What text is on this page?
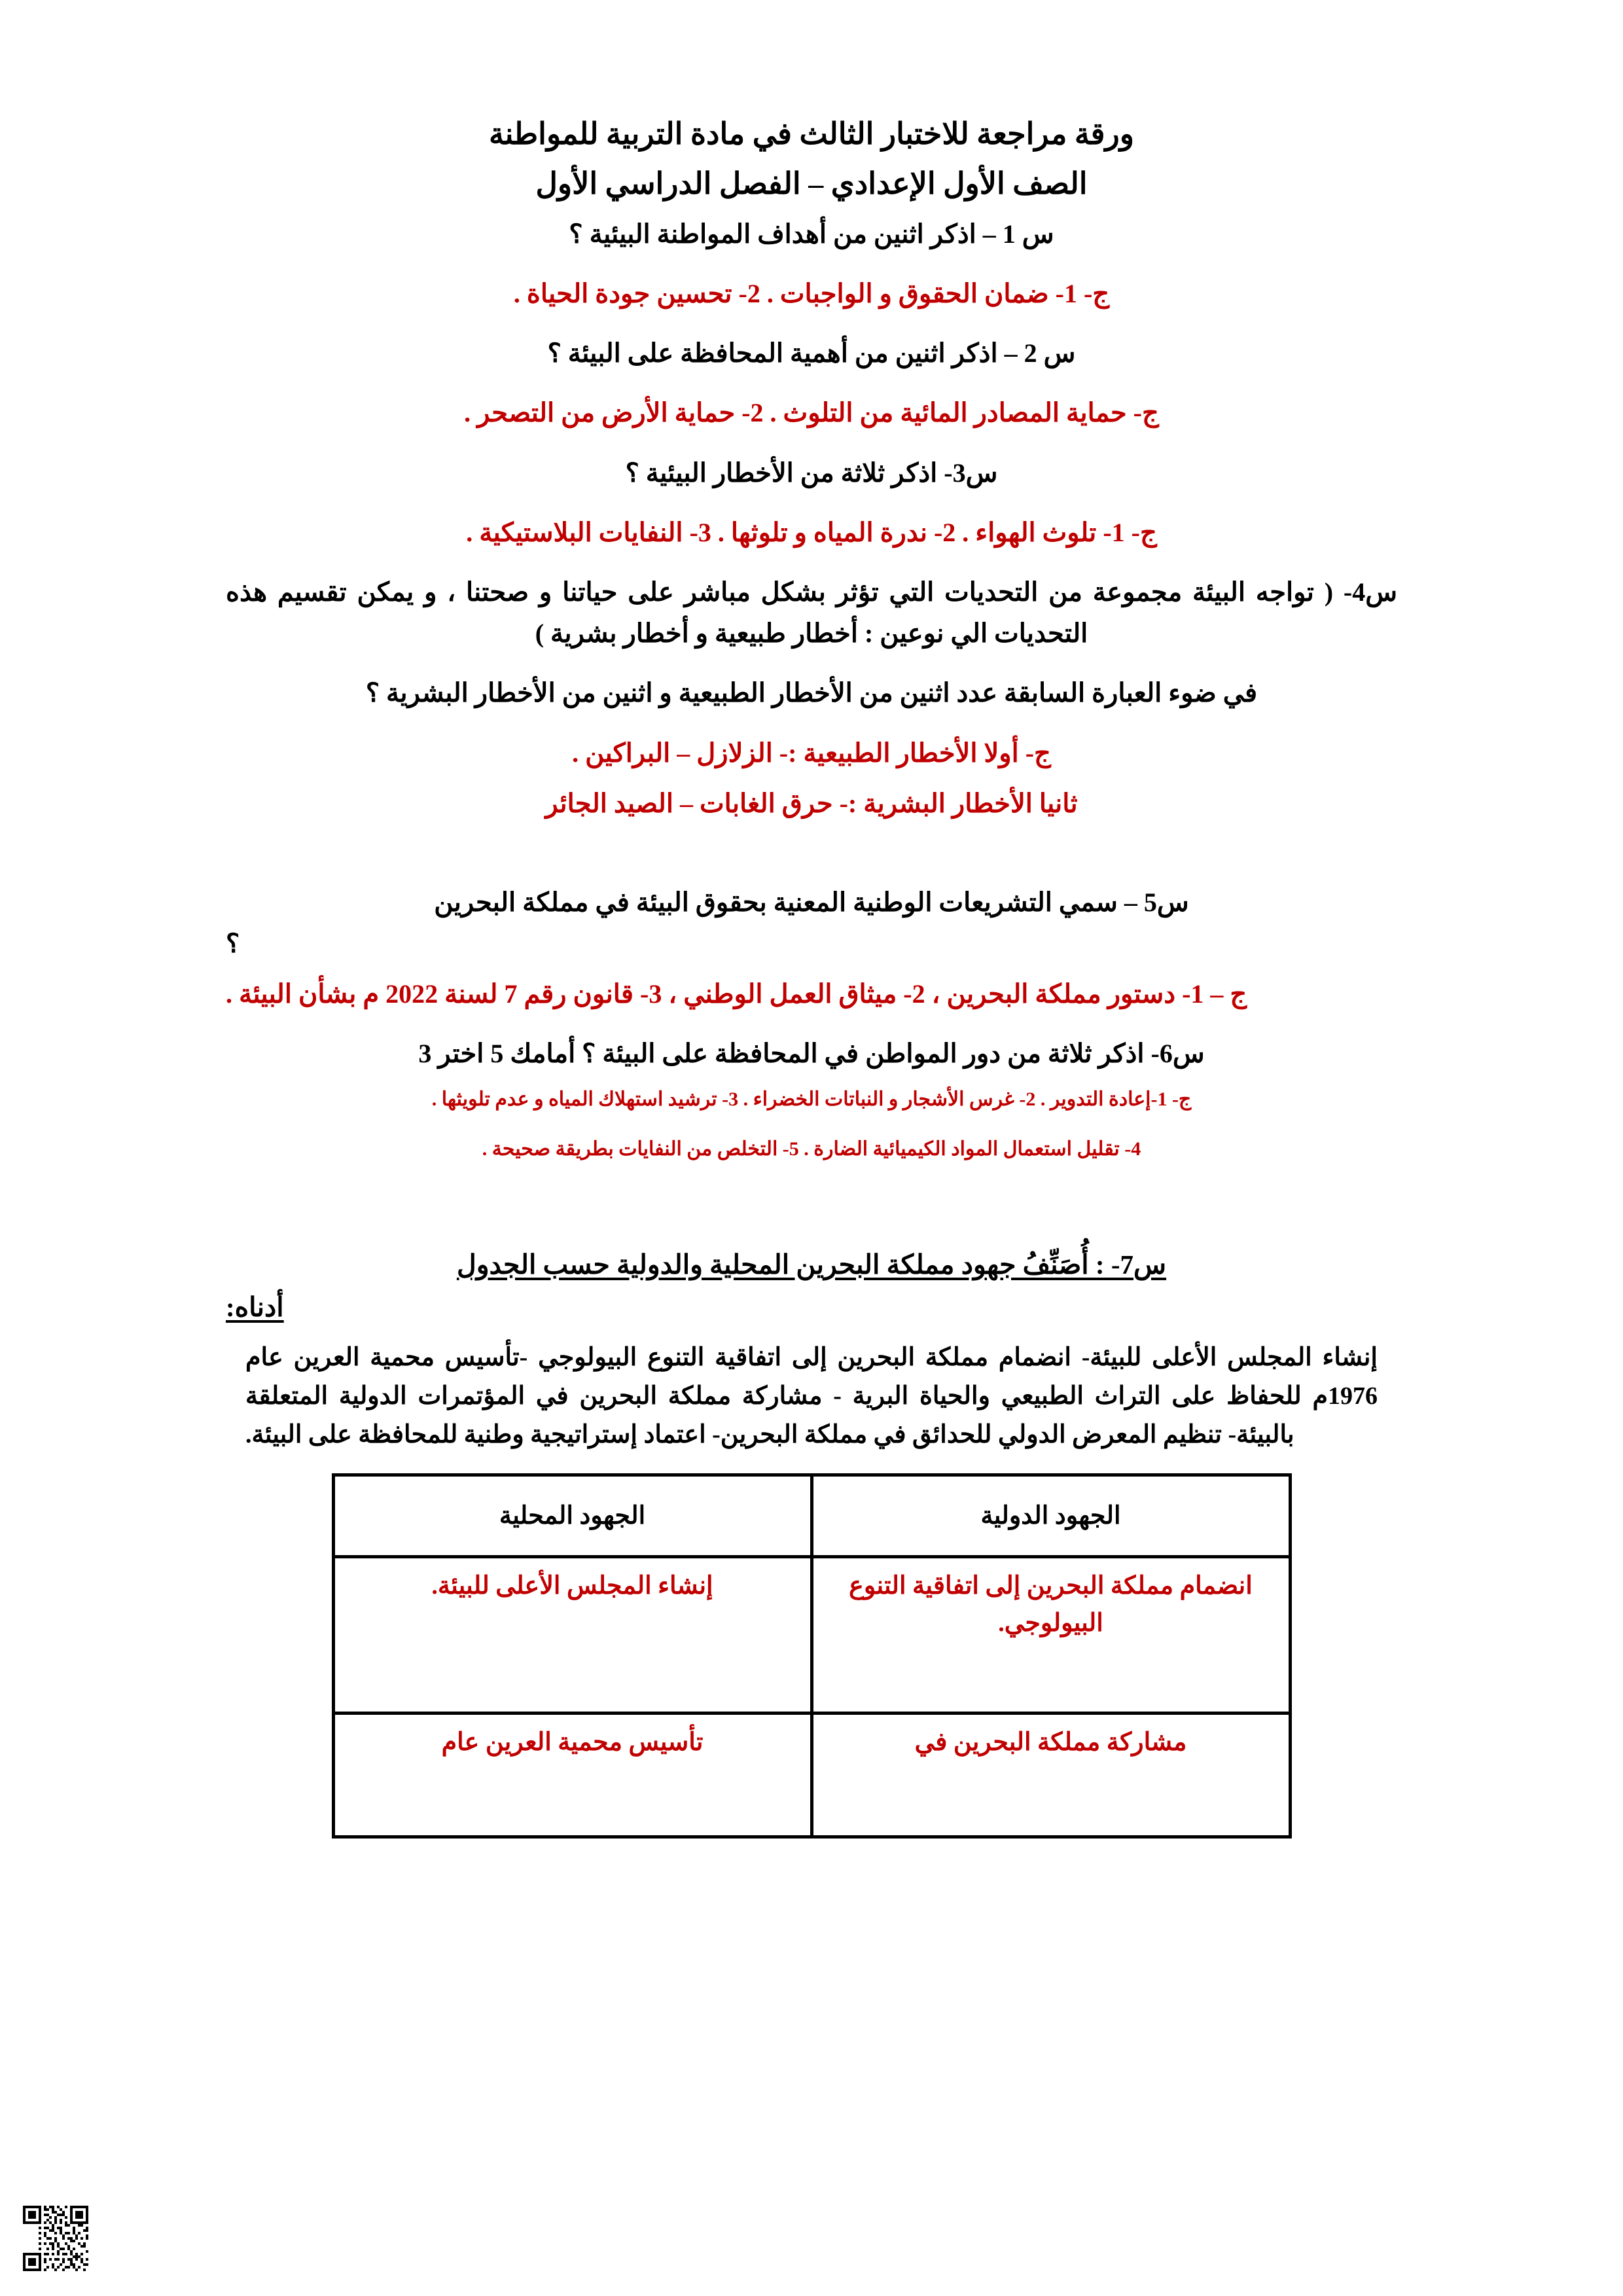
ورقة مراجعة للاختبار الثالث في مادة التربية للمواطنة
الصف الأول الإعدادي – الفصل الدراسي الأول

س 1 – اذكر اثنين من أهداف المواطنة البيئية ؟

ج- 1- ضمان الحقوق و الواجبات . 2- تحسين جودة الحياة .

س 2 – اذكر اثنين من أهمية المحافظة على البيئة ؟

ج- حماية المصادر المائية من التلوث . 2- حماية الأرض من التصحر .

س3- اذكر ثلاثة من الأخطار البيئية ؟

ج- 1- تلوث الهواء . 2- ندرة المياه و تلوثها . 3- النفايات البلاستيكية .

س4- ( تواجه البيئة مجموعة من التحديات التي تؤثر بشكل مباشر على حياتنا و صحتنا ، و يمكن تقسيم هذه التحديات الي نوعين : أخطار طبيعية و أخطار بشرية )

في ضوء العبارة السابقة عدد اثنين من الأخطار الطبيعية و اثنين من الأخطار البشرية ؟

ج- أولا الأخطار الطبيعية :- الزلازل – البراكين .

ثانيا الأخطار البشرية :- حرق الغابات – الصيد الجائر

س5 – سمي التشريعات الوطنية المعنية بحقوق البيئة في مملكة البحرين

؟

ج – 1- دستور مملكة البحرين ، 2- ميثاق العمل الوطني ، 3- قانون رقم 7 لسنة 2022 م بشأن البيئة .

س6- اذكر ثلاثة من دور المواطن في المحافظة على البيئة ؟ أمامك 5 اختر 3

ج- 1-إعادة التدوير . 2- غرس الأشجار و النباتات الخضراء . 3- ترشيد استهلاك المياه و عدم تلويثها .

4- تقليل استعمال المواد الكيميائية الضارة . 5- التخلص من النفايات بطريقة صحيحة .

س7- : أُصَنِّفُ جهود مملكة البحرين المحلية والدولية حسب الجدول

أدناه:

إنشاء المجلس الأعلى للبيئة- انضمام مملكة البحرين إلى اتفاقية التنوع البيولوجي -تأسيس محمية العرين عام 1976م للحفاظ على التراث الطبيعي والحياة البرية - مشاركة مملكة البحرين في المؤتمرات الدولية المتعلقة بالبيئة- تنظيم المعرض الدولي للحدائق في مملكة البحرين- اعتماد إستراتيجية وطنية للمحافظة على البيئة.

الجهود الدولية	الجهود المحلية
انضمام مملكة البحرين إلى اتفاقية التنوع البيولوجي.	إنشاء المجلس الأعلى للبيئة.
مشاركة مملكة البحرين في	تأسيس محمية العرين عام
